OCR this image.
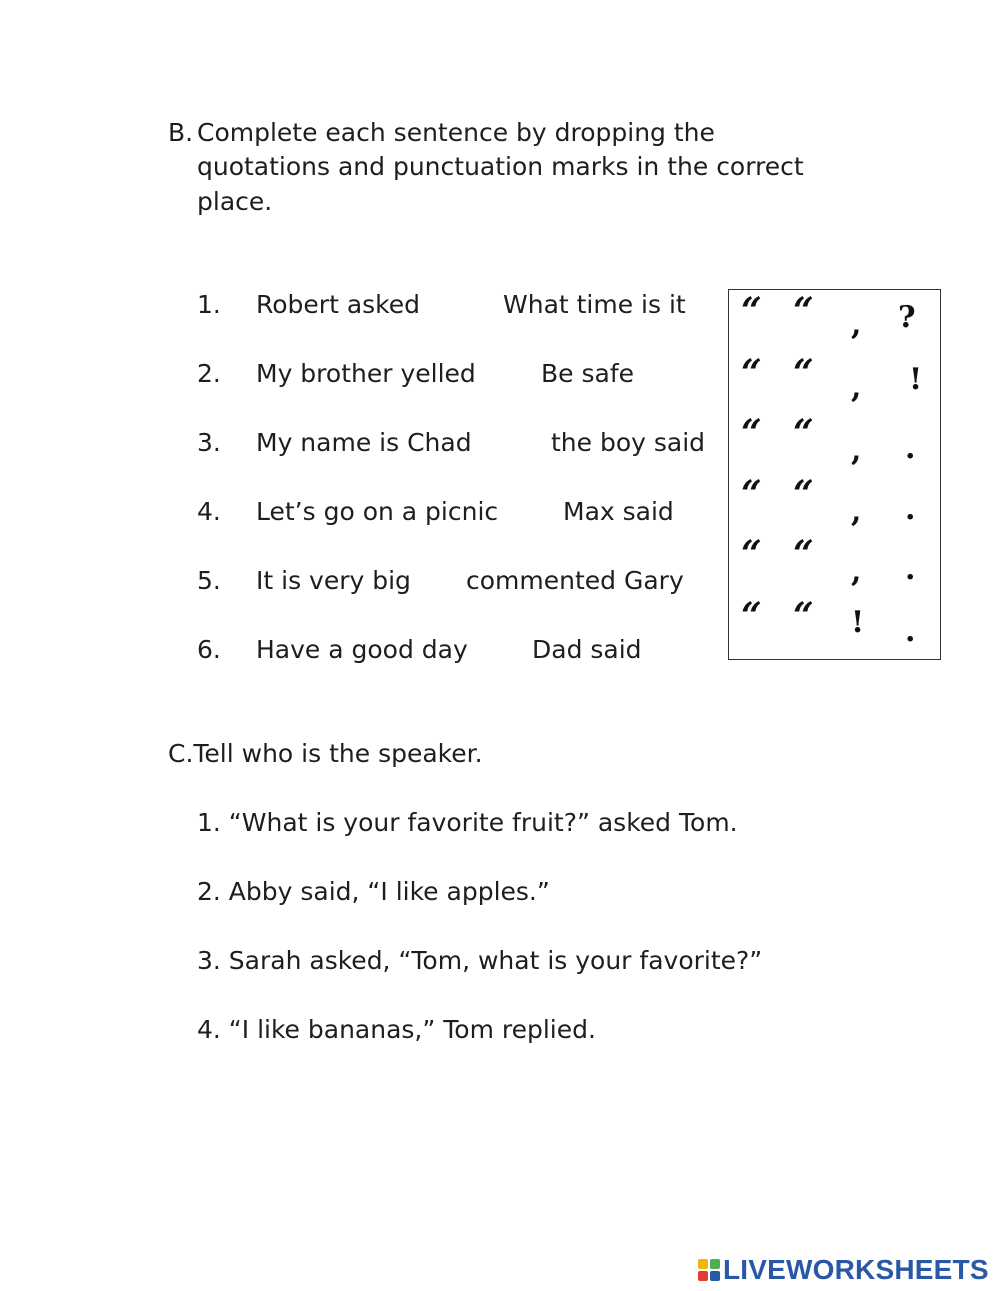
B. Complete each sentence by dropping the
quotations and punctuation marks in the correct
place.
1. Robert asked	What time is it
2. My brother yelled	Be safe
3. My name is Chad	the boy said
4. Let’s go on a picnic	Max said
5. It is very big commented Gary
6. Have a good day	Dad said
“ “ , ?
“ “ , !
“ “ , .
“ “ , .
“ “ , .
“ “ ! .
C.Tell who is the speaker.
1. “What is your favorite fruit?” asked Tom.
2. Abby said, “I like apples.”
3. Sarah asked, “Tom, what is your favorite?”
4. “I like bananas,” Tom replied.
LIVEWORKSHEETS
